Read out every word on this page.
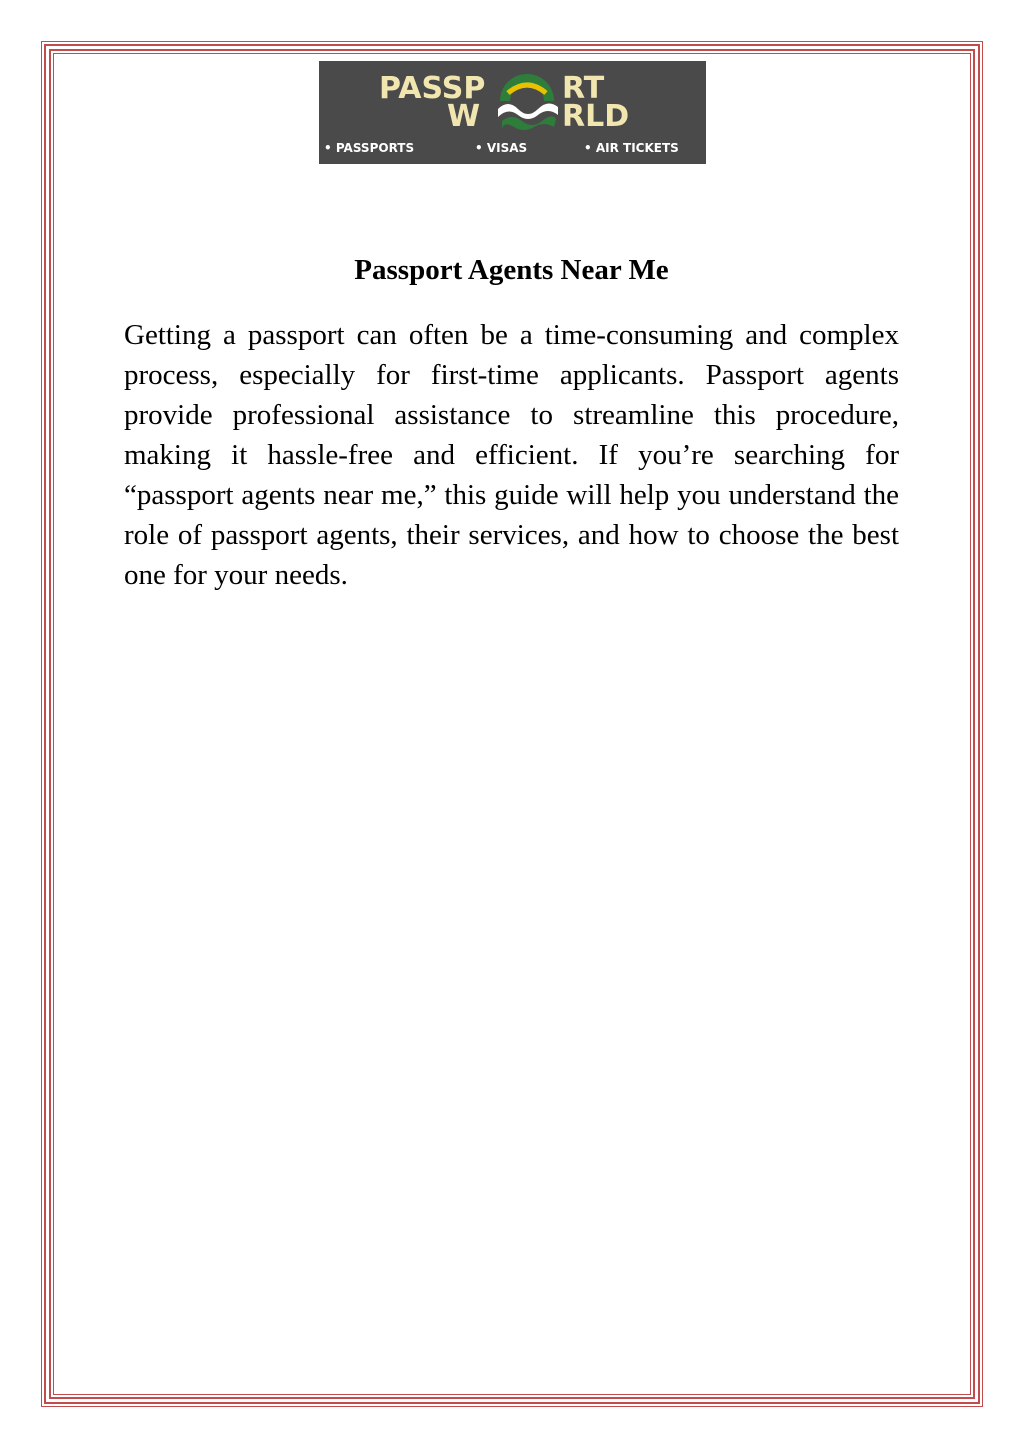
PASSP	RT
W	RLD
• PASSPORTS	• VISAS	• AIR TICKETS
Passport Agents Near Me

Getting a passport can often be a time-consuming and complex process, especially for first-time applicants. Passport agents provide professional assistance to streamline this procedure, making it hassle-free and efficient. If you’re searching for “passport agents near me,” this guide will help you understand the role of passport agents, their services, and how to choose the best one for your needs.
